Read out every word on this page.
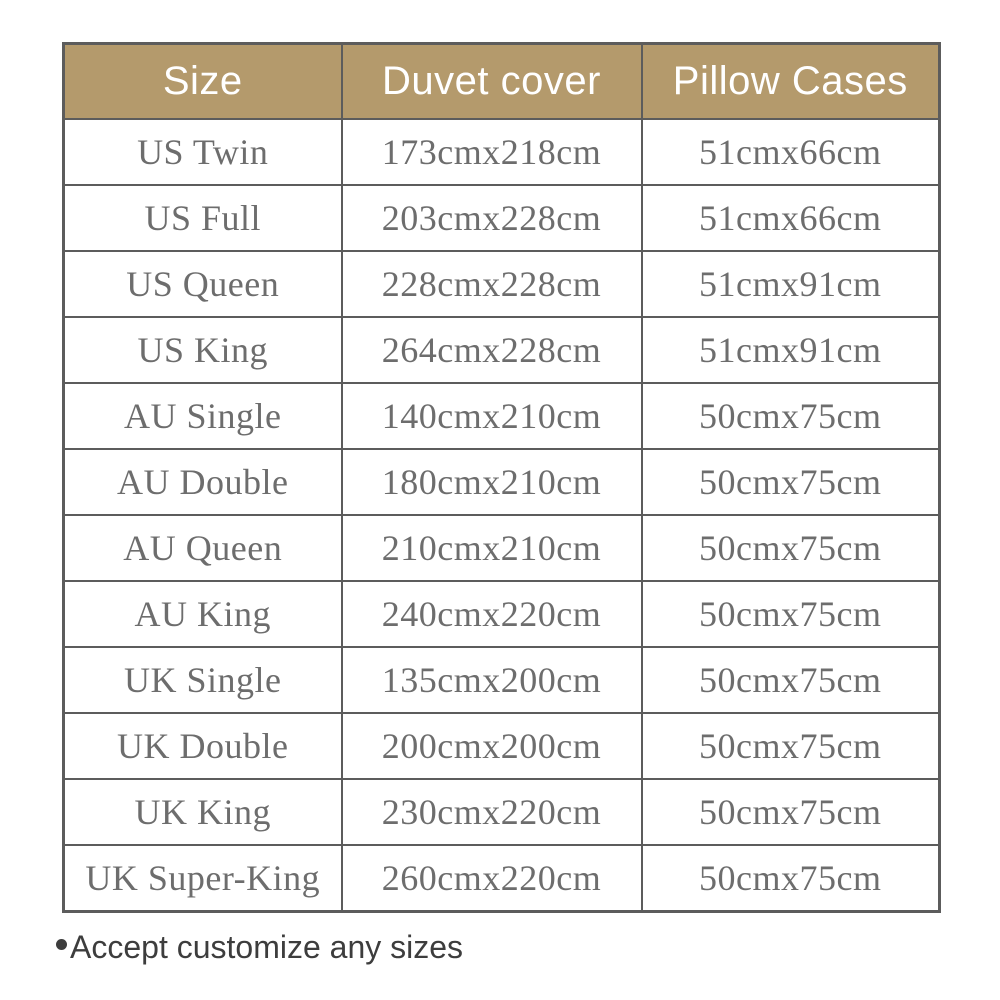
Size	Duvet cover	Pillow Cases
US Twin	173cmx218cm	51cmx66cm
US Full	203cmx228cm	51cmx66cm
US Queen	228cmx228cm	51cmx91cm
US King	264cmx228cm	51cmx91cm
AU Single	140cmx210cm	50cmx75cm
AU Double	180cmx210cm	50cmx75cm
AU Queen	210cmx210cm	50cmx75cm
AU King	240cmx220cm	50cmx75cm
UK Single	135cmx200cm	50cmx75cm
UK Double	200cmx200cm	50cmx75cm
UK King	230cmx220cm	50cmx75cm
UK Super-King	260cmx220cm	50cmx75cm
Accept customize any sizes
